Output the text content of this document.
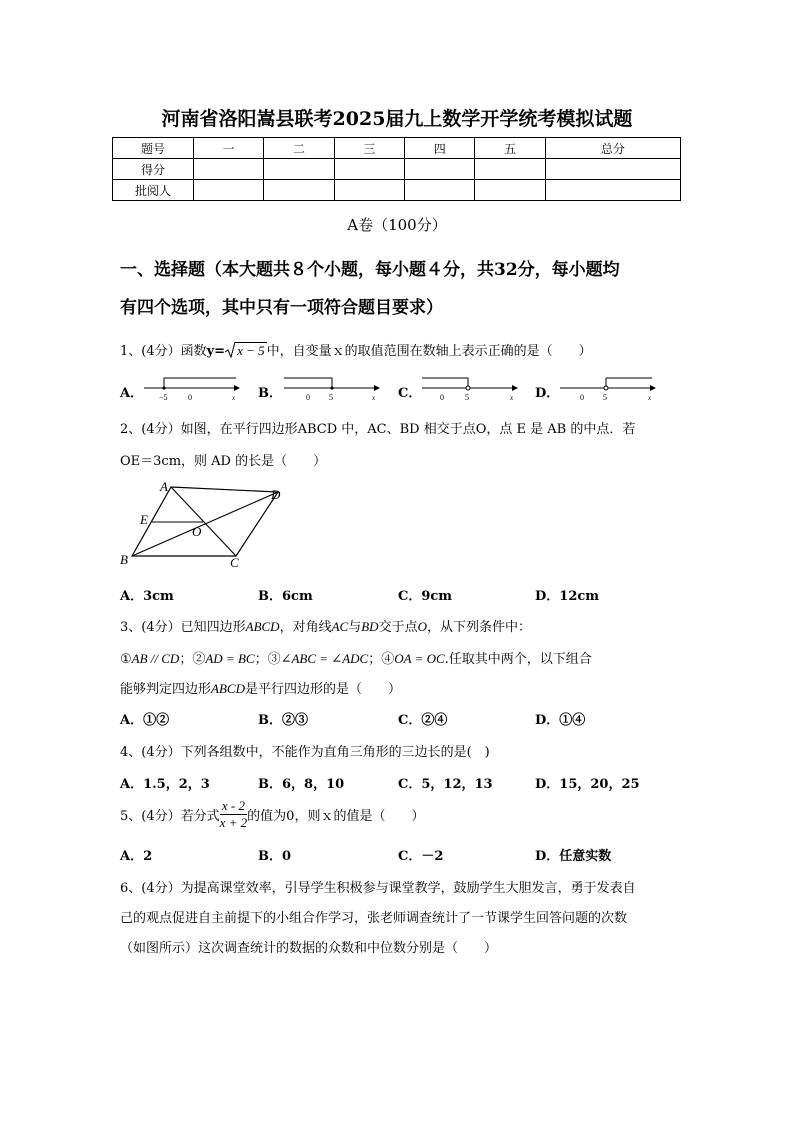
河南省洛阳嵩县联考2025届九上数学开学统考模拟试题
题号	一	二	三	四	五	总分
得分						
批阅人						
A卷（100分）
一、选择题（本大题共８个小题，每小题４分，共32分，每小题均
有四个选项，其中只有一项符合题目要求）
1、(4分）函数y= x − 5 中，自变量ｘ的取值范围在数轴上表示正确的是（　　）
A． −5	0	x B．	0 5	x C． 0	5	x D．	0 5	x
2、(4分）如图，在平行四边形ABCD 中，AC、BD 相交于点O，点 E 是 AB 的中点．若
OE＝3cm，则 AD 的长是（　　）
A
D
E
O
B	C
A．3cm	B．6cm	C．9cm	D．12cm
3、(4分）已知四边形ABCD，对角线AC与BD交于点O，从下列条件中：
①AB // CD；②AD = BC；③∠ABC = ∠ADC；④OA = OC.任取其中两个，以下组合
能够判定四边形ABCD是平行四边形的是（　　）
A．①②	B．②③	C．②④	D．①④
4、(4分）下列各组数中，不能作为直角三角形的三边长的是(　)
A．1.5，2，3	B．6，8，10	C．5，12，13	D．15，20，25
5、(4分）若分式 $\frac{x - 2}{x + 2}$ 的值为0，则ｘ的值是（　　）
A．2	B．0	C．－2	D．任意实数
6、(4分）为提高课堂效率，引导学生积极参与课堂教学，鼓励学生大胆发言，勇于发表自
己的观点促进自主前提下的小组合作学习，张老师调查统计了一节课学生回答问题的次数
（如图所示）这次调查统计的数据的众数和中位数分别是（　　）
